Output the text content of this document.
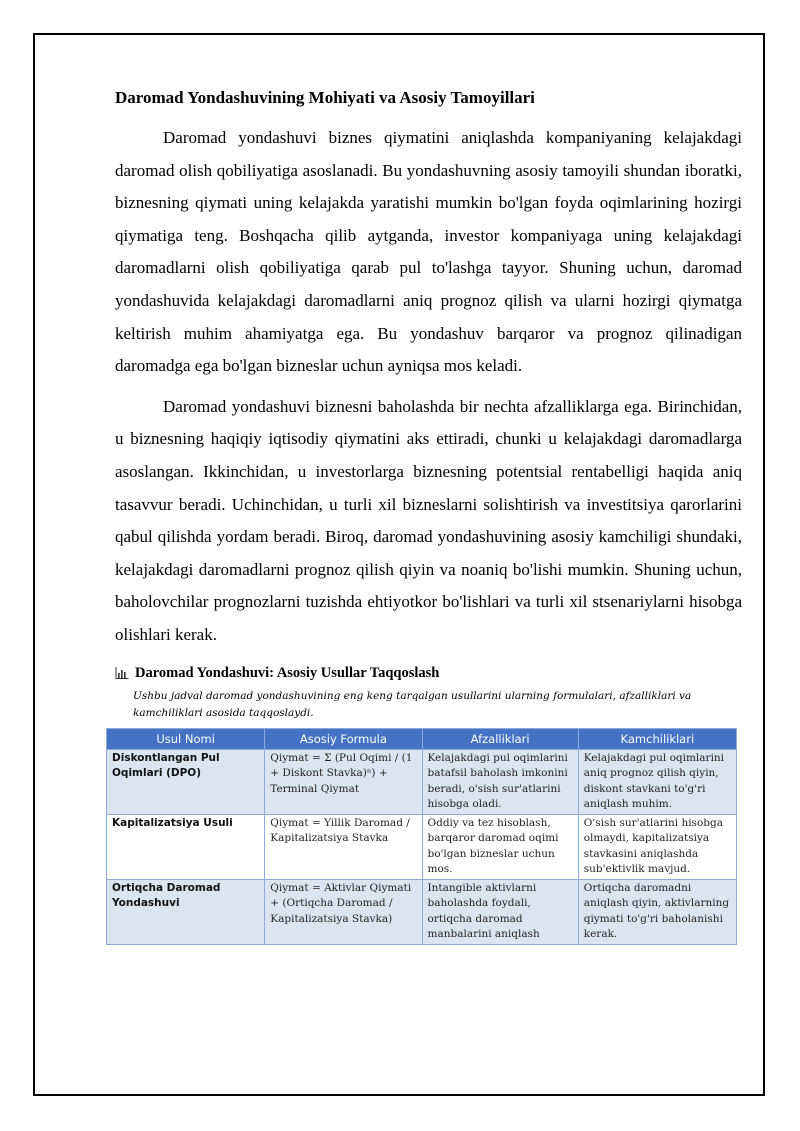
Daromad Yondashuvining Mohiyati va Asosiy Tamoyillari

Daromad yondashuvi biznes qiymatini aniqlashda kompaniyaning kelajakdagi daromad olish qobiliyatiga asoslanadi. Bu yondashuvning asosiy tamoyili shundan iboratki, biznesning qiymati uning kelajakda yaratishi mumkin bo'lgan foyda oqimlarining hozirgi qiymatiga teng. Boshqacha qilib aytganda, investor kompaniyaga uning kelajakdagi daromadlarni olish qobiliyatiga qarab pul to'lashga tayyor. Shuning uchun, daromad yondashuvida kelajakdagi daromadlarni aniq prognoz qilish va ularni hozirgi qiymatga keltirish muhim ahamiyatga ega. Bu yondashuv barqaror va prognoz qilinadigan daromadga ega bo'lgan bizneslar uchun ayniqsa mos keladi.

Daromad yondashuvi biznesni baholashda bir nechta afzalliklarga ega. Birinchidan, u biznesning haqiqiy iqtisodiy qiymatini aks ettiradi, chunki u kelajakdagi daromadlarga asoslangan. Ikkinchidan, u investorlarga biznesning potentsial rentabelligi haqida aniq tasavvur beradi. Uchinchidan, u turli xil bizneslarni solishtirish va investitsiya qarorlarini qabul qilishda yordam beradi. Biroq, daromad yondashuvining asosiy kamchiligi shundaki, kelajakdagi daromadlarni prognoz qilish qiyin va noaniq bo'lishi mumkin. Shuning uchun, baholovchilar prognozlarni tuzishda ehtiyotkor bo'lishlari va turli xil stsenariylarni hisobga olishlari kerak.

Daromad Yondashuvi: Asosiy Usullar Taqqoslash
Ushbu jadval daromad yondashuvining eng keng tarqalgan usullarini ularning formulalari, afzalliklari va kamchiliklari asosida taqqoslaydi.
Usul Nomi	Asosiy Formula	Afzalliklari	Kamchiliklari
Diskontlangan Pul Oqimlari (DPO)	Qiymat = Σ (Pul Oqimi / (1 + Diskont Stavka)ⁿ) + Terminal Qiymat	Kelajakdagi pul oqimlarini batafsil baholash imkonini beradi, o'sish sur'atlarini hisobga oladi.	Kelajakdagi pul oqimlarini aniq prognoz qilish qiyin, diskont stavkani to'g'ri aniqlash muhim.
Kapitalizatsiya Usuli	Qiymat = Yillik Daromad / Kapitalizatsiya Stavka	Oddiy va tez hisoblash, barqaror daromad oqimi bo'lgan bizneslar uchun mos.	O'sish sur'atlarini hisobga olmaydi, kapitalizatsiya stavkasini aniqlashda sub'ektivlik mavjud.
Ortiqcha Daromad Yondashuvi	Qiymat = Aktivlar Qiymati + (Ortiqcha Daromad / Kapitalizatsiya Stavka)	Intangible aktivlarni baholashda foydali, ortiqcha daromad manbalarini aniqlash	Ortiqcha daromadni aniqlash qiyin, aktivlarning qiymati to'g'ri baholanishi kerak.
